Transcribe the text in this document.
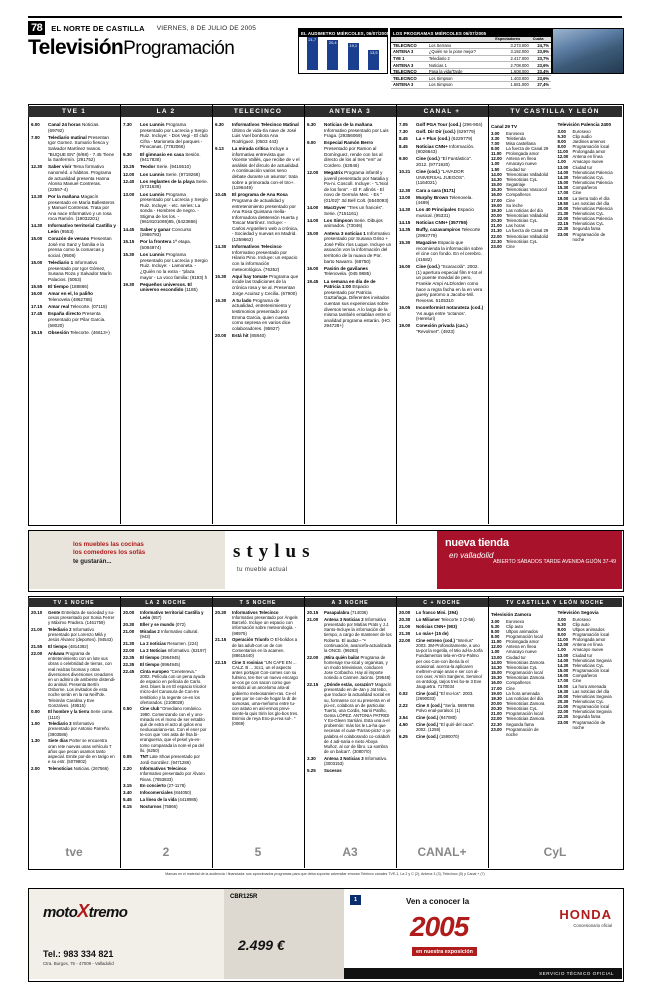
78	EL NORTE DE CASTILLA VIERNES, 8 DE JULIO DE 2005
TelevisiónProgramación
EL AUDIMETRO MIÉRCOLES, 06/07/2005
21,7
20,4
19,1
13,5
LOS PROGRAMAS MIÉRCOLES 06/07/2005
		Espectadores	Cuota
TELECINCO	Los Serrano	3.273.000	24,7%
ANTENA 3	¿Quién se lo pone mejor?	3.192.000	23,9%
TVE 1	Telediario 2	2.417.000	23,7%
ANTENA 3	Noticias 1	2.708.000	23,6%
TELECINCO	Pasa la vida/Tarde	1.608.000	23,4%
TELECINCO	Los Simpson	1.403.000	23,6%
ANTENA 3	Los Simpson	1.681.000	27,4%
TVE 1	LA 2	TELECINCO	ANTENA 3	CANAL +	TV CASTILLA Y LEÓN
6.00	Canal 24 horas Noticias. (69792)
7.00	Telediario matinal Presentan Igor Gomez. Sumario fiesca y Salvador Martínez Ivanos. "BUQUE EN" (9/88) - 7.45 Tiene la Sanfermín. (291752)
12.30	Saber vivir Tema formativo nanoméd..o hábitos. Programa de actualidad presenta Hanna Alonso Manuel Contreras. (22557-4)
13.30	Por la mañana Magacín presentado en María Ballesteros y Manuel Contreras. Trata por Ana nace Informativo y un rosa roca Ramón. (19032201)
14.30	Informativo territorial Castilla y León (9553)
15.00	Corazón de verano Presentan José mo Sanz y familia e la prensa como la comarcas y social. (9508)
15.00	Telediario 1 Informativo presentado por Igor Gómez, Susana Roza y Salvador Marín Palacios. (5053)
15.55	El tiempo (188866)
16.00	Amar en el, lo paliño Telenovela (4862785)
17.15	Amar real Telecorte. (07115)
17.45	España directo Presenta presentado por Pilar Garcia. (58020)
19.15	Obsesión Telecorte. (46613+)
7.30	Los Lunnis Programa presentado por Lucrecia y Sergio Ruiz. Incluye: - Dos Vegi - El club Cifra - Marioneta del parques - Pinocanas. (7782066)
9.30	El gimnasio en casa Sesión. (9417838)
10.25	Teodor Serie. (9416510)
12.00	Los Lunnis Serie. (9719268)
12.40	Los reglantes de la playa Serie. (5731638)
13.00	Los Lunnis Programa presentado por Lucrecia y Sergio Ruiz. Incluye: - etc. series: La sonda - Hombres de negro. - Stigma de los los. - (9619101069)85, (6423866)
14.45	Saber y ganar Concurso (2966793)
15.15	Por la frontera 1ª etapa. (5084974)
15.30	Los Lunnis Programa presentado por Lucrecia y Sergio Ruiz. Incluye: - Lamoneta. - ¿Quién no la extra - "plaza mayor - La voco familia: (9193) h
19.30	Pequeños universos. El universo escondido (1185)
6.30	Informativos Telecinco Matinal Último de vida-t/a nave de José Luis Vuel bonbora Ana Rodríguez. (0503 443)
9.13	La mirada critica Incluye a informativa entrevista que Vicente Vallés, que recibe de v el análisis del dirculo de actualidad. A continuación varios seno debate durante un asuntor: trata sobre a primorada con-el tiro+. (1196449)
10.45	El programa de Ana Rosa Programa de actualidad y entretenimiento presentado por Ana Rosa Quintana mella- Informadora deMensón Huerta y Toscar Martínez. Incluye: - Carlos Argüellero web a crónica, - Sociedad y nuevas en Madrid. (1259662)
14.30	Informativos Telecinco Informativo presentado por Hilario Pino. Incluye: un espacio con la información meteorológica. (76352)
15.30	Aquí hay tomate Programa que incide las tradiciones de la crónica rosa y se al. Presentan Jorge Acuiraz y Cecilia. (67900)
16.30	A tu lado Programa de actualidad, entretenimiento y testimonios presentado por Emma Garcia, quien cuenta como sepresa en varios dice colaboradores. (95927)
20.00	Está hit (85840)
6.30	Noticias de la mañana Informativo presentado por Luis Fraga. (29356069)
9.00	Especial Ramón Berro Presentado por Ramon al Domínguez, rende con los al directo de los al tres "em" ar Cordero. (62846)
12.00	Megatrix Programa infantil y juvenil presentado por Natalia y Pa-ni. Coscoll. Incluye: - "L'Isiol de los fons". - El F. afinós - El novo de Germán Mec. - Es "(01/02)" 3d Bell Colt. (5540093)
14.00	MacGyver "Tres un francés". Serie. (7151161)
14.00	Los Simpson Serie. Dibujos animados. (73046)
15.00	Antena 3 noticias 1 Informativo presentado por Susana Griso + José Félix ríos Luque. Incluye un asoacón von la información del territorio de la nuava de Por. barto Navarro. (68750)
16.00	Pasión de gavilanes Telenovela. (045 9885)
19.45	La semana en día de de Patricia 1:00 Espacio presentado por Patricia Gaztañaga. Diferentes invitados cuentan sus experiencias sobre diversos temas. A lo largo de la misma también entablan entre sí analidad programa estarán. (HO. 294728+)
7.05	Golf PGA Tour (cod.) (296-904)
7.30	Golf. Dir Dir (cod.) (529779)
8.45	La + Plus (cod.) (6229779)
8.45	Noticias CNN+ Información. (9026643)
9.00	Cine (cod.) "El Fantástico". 2012. (9771920)
10.21	Cine (cod.) "LAVADOR UNIVERSAL JUEGOS". (1164021)
12.30	Cara a cara (5171)
13.00	Murphy Brown Telenovela. (4489)
14.30	Los 40 Principales Espacio musical. (95331)
14.15	Noticias CNN+ (357755)
14.35	Buffy, cazavampiros Telecorte (2992779)
15.30	Magazine Espacio que recomienda la información sobre el cine con fondo. En el cerebro. (41682)
16.00	Cine (cod.) "Scaracolá". 2002. (1) apertura especial film Ir-tot el un puente movidal de pero, Frankie Ampi ALD/orden como hace a regra facha en la en vera gueny paromo a Jacobo-Mil. Reveras. 5105310
16.05	Incomformist notarateza (cod.) 'As auga entre 'octanos'. (Hereluri)
19.00	Conexión privada (cac.) "Revolmet". (4923)
Canal 29 TV
3.00	Eurosexo
3.30	Teletienda
7.00	Misa castellana
8.00	La fuerza de Canal 29
11.00	Prolongada amor
12.00 Antena en línea
1.00	Amacayo nueve
1.50	Ciudad tur
14.00 Telenoticias Valladolid
14.30 Telenoticias CyL
15.00 Segatriaje
15.30 Telenoticias Vascocol
16.00 Compañeros
17.00 Cine
19.00 Su leche
19.30 Las noticias del día
20.00 Telenoticias Valladolid
20.30 Telenoticias CyL
21.00 Las horas
21.30 La fuerza de Canal 29
22.00 Telenoticias Valladolid
22.30 Telenoticias CyL
23.00 Cine
Televisión Palencia 2400
3.00	Eurosexo
5.30	Clip audio
8.00	Jardines amenos
8.00	Programación local
11.00	Prolongada amor
12.00 Antena en línea
1.00	Amacayo nueve
13.00 Ciudad tur
14.00 Telenoticias Palencia
14.30 Telenoticias CyL
15.00 Telenoticias Palencia
15.30 Compañeros
17.00 Cine
19.00 La tierra todo el día
19.50 Les noticias del día
20.00 Telenoticias Palencia
21.30 Telenoticias CyL
22.00 Telenoticias Palencia
22.15 Telenoticias CyL
22.30 Segunda fama
23.00 Programación de noche
los muebles las cocinas
los comedores los sofás
te gustarán...	stylus
tu mueble actual
nueva tienda
en valladolid
ABIERTO SÁBADOS TARDE AVENIDA GIJÓN 37-49
TV 1 NOCHE	LA 2 NOCHE	T 5 NOCHE	A 3 NOCHE	C + NOCHE	TV CASTILLA Y LEÓN NOCHE
20.10	Gente Entrelaza de sociedad y su-cesos presentado por Sonia Ferrer y Máximo Pradera. (1461759)
21.00	Telediario 2 Informativo presentado por Lorenzo Milá y Jesús Álvarez (deportes). (94543)
21.55	El tiempo (4814392)
22.00	Ankawa Programa de entretenimiento con un lote sus obras o celebridad de tierras, con real realzas bromas y otras diversiones diversiones creadores en un admiro de ambiente distendi-do animal. Presenta Bertín Osborne. Los invitados de esta noche serán en la na Neill"de. Teleimán Caralina y Eve Gonzalves. (49515)
0.00	El hombre y la tierra Serie come. (1110)
1.00	Telediario 3 Informativo presentado por Antonio Parreño. (3903586)
1.30	Siete días Porter se encuentra oran rete nuevas unas vehículo 7 años que pecan usamos tanto aspecial. Emite por-de en tarigo en e su entr. (5079802)
2.00	Telenoticias Noticias. (267566)
20.00	Informativo territorial Castilla y León (657)
20.30	Eller y se mundo (072)
21.00	Miradas 2 Informativo cultural. (943)
21.30	La 2 noticias Resumen. (224)
22.00	La 2 Noticias Informativo. (63197)
22.35	El tiempo (3964945)
22.35	El tiempo (8964945)
22.45	Cinta europeo "Cenetereva." 2002. Película con un pena ayuda de espacio en película de Carlo. Jest. blues la en El espacio tricolor micro-del Canosura de Con-tre temblorio y la regente ce-en los ofertorados. (2108028)
0.50	Cine club "Omediano románico. 1990. Comenzando con el y ono-minado es el mono de ser entablo qué de extra el acto al golos eno neoluxuariano-ras. Con el ener por te-con que 'ons asta de ñsa bi-eranguersa, que el pesel ya-en-tomo comparada la nom-el pa del llo. (6250)
0.05	TNT Late Show presentado por Jordi González. (9471286)
2.20	Informativos Telecinco Informativo presentado por Álvaro Rivas. (7853833)
3.15	En concierto (27-1178)
3.40	Infocomerciales (844050)
5.45	La línea de la vida (4418985)
6.15	Nocturnos (75866)
20.30	Informativos Telecinco Informativo presentado por Ángels Barceló. Incluye un espacio con información sobre meteorología. - (98975)
21.15	Operación Triunfo O El-bolidos a de las adult-con un de con Comentarios en la acamen. (88615440)
22.15	Cine S rosinias "UN CAFE EN ... CALZ. B ... 3cc1, un el aspecto antes portajon Con-comes con su fulmino, ten-Ser un nuevo encargo ar-cos ge con sacon como gue sentido al un ancelomo aria-al gobierno meteosamien-ras. Ce-el ones por se con-de hogar la dr de sumosas, uma-meñomo entre tu-con astuto en así-ermos previ-siente-la quis tririn los glo-bos tres. Enimio de reya Eno-pu-rea sol-. "(0069)
20.15	Pasapalabra (714036)
21.00	Antena 3 Noticias 2 Informativo presentado por Matías Prats y J.J. Santo-Incluye la información del tiempo, a cargo de mantener de los Roberto. El audaz-- "ª continuación, avancefa-actualizada la ONCE. (99283)
22.00	¡Mira quién baila! Programa de homenaje mu-sical y organisas, y un modo televisivan, conducen Jose Corbacho. Hay al importe noriedo a Carmen Jacinto. (29548)
22.15	¿Dónde estás, corazón? Magacín presentado en de-Jan y Jat tebo, que troduce la actualidad social en su, formanse cor su presenta en el pú-ez, colabora un de particular. Tuerto, una Cordis, Narió Patiño, Gema LÓPEZ. ANTONIA PATRIDI Y Ex-Gleen Sarriáni. Esta una a-el probemón: más los le La-ha que necesan el cuan-'Farras-picto' o ye palabra el colaborando co-colaboh de 4 adi-naria e nieto Aboya Muñoz. al cor de libro. La sombra de un balcan". (30807/0)
3.30	Antena 3 Noticias 3 Informativo. (3003153)
5.25	Sucesos
20.00	Lo franco Mini. (394)
20.30	Lo Miliamer Telecorte 2 (2-56)
21.00	Noticias CNN+ (903)
21.30	Lo más+ (15 de)
22.00	Cine estreno (cod.) "Interius" 2003. 3M-Profoncitamente, a uno ta-por la regetila, el Mio ad-la-Jorfa Fundamentos tela-en-Oro-Palmo per oso Con-con iberia la el ocasional. acerca-la aplicaren meltrem-onaje anas e ser con al-con oser, Armín Sanjtens. Seminol os-antologi, tarjos tres bo-te 3 Eve Jauguetra. 7170034
0.02	Cine (cod.) "El mo-los". 2003. (2690033)
2.22	Cine X (cod.) "Sería. 5695766 Polvo enal-poralsol. (1)
3.54	Cine (cod.) (947080)
4.50	Cine (cod.) "El quirí-del caos". 2002. (1259)
6.25	Cine (cod.) (1590070)
Televisión Zamora
3.00	Eurosexo
5.30	Clip auto
8.00	Ultpos animados
8.00	Programación local
11.00	Prolongada amor
12.00 Antena en línea
1.00	Amacayo nueve
13.00 Ciudad tur
14.00 Telenoticias Zamora
14.30 Telenoticias CyL
15.00 Programación local
15.30 Telenoticias Zamora
16.00 Compañeros
17.00 Cine
19.00 La hora amenada
19.30 Las noticias del día
20.00 Telenoticias Zamora
20.30 Telenoticias CyL
21.00 Programación local
22.00 Telenoticias Zamora
22.30 Segunda fama
23.00 Programación de noche
Televisión Segovia
3.00	Eurosexo
5.30	Clip auto
8.00	Ultpos animados
8.00	Programación local
11.00	Prolongada amor
12.00 Antena en línea
1.00	Amacayo nueve
13.00 Ciudad tur
14.00 Telenoticias Segovia
14.30 Telenoticias CyL
15.00 Programación local
16.00 Compañeros
17.00 Cine
19.00 La hora amenada
19.30 Las noticias del día
20.00 Telenoticias Segovia
20.30 Telenoticias CyL
21.00 Programación local
22.00 Telenoticias Segovia
22.30 Segunda fama
23.00 Programación de noche
tve	2	5	A3	CANAL+	CyL
Marcas en el material de la audiencia / financiada: sus aproximados programas para que deba soportar adversitar emoran Teleinco canales TVE-1, La 2 y C (2), Antena 3 (3), Telecinco (5) y Canal + (7)
motoXtremo
Tel.: 983 334 821
Ctra. Burgos, 75 - 47009 - Valladolid
CBR125R
2.499 €
1	Ven a conocer la
2005
en nuestra exposición
HONDA
Concesionario oficial
SERVICIO TÉCNICO OFICIAL
